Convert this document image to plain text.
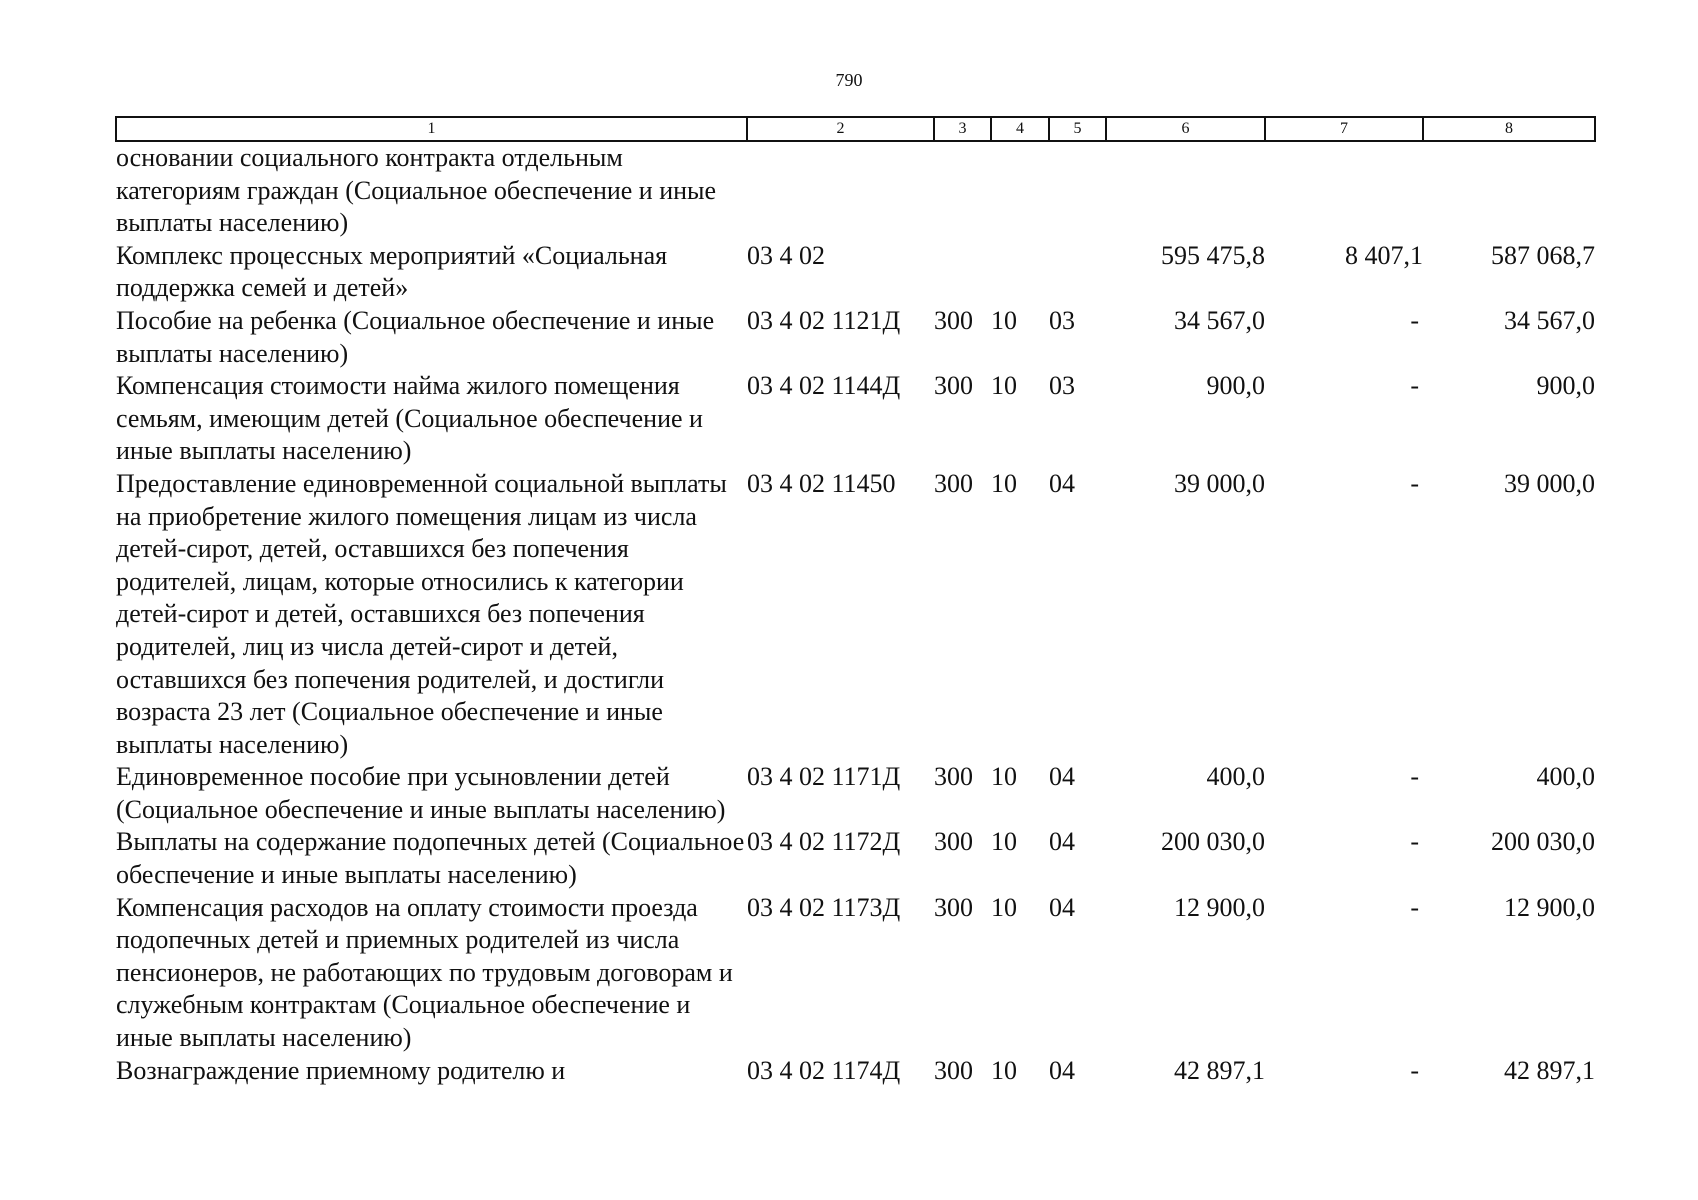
790
1	2	3	4	5	6	7	8
основании социального контракта отдельным категориям граждан (Социальное обеспечение и иные выплаты населению)							
Комплекс процессных мероприятий «Социальная поддержка семей и детей»	03 4 02				595 475,8	8 407,1	587 068,7
Пособие на ребенка (Социальное обеспечение и иные выплаты населению)	03 4 02 1121Д	300	10	03	34 567,0	-	34 567,0
Компенсация стоимости найма жилого помещения семьям, имеющим детей (Социальное обеспечение и иные выплаты населению)	03 4 02 1144Д	300	10	03	900,0	-	900,0
Предоставление единовременной социальной выплаты на приобретение жилого помещения лицам из числа детей-сирот, детей, оставшихся без попечения родителей, лицам, которые относились к категории детей-сирот и детей, оставшихся без попечения родителей, лиц из числа детей-сирот и детей, оставшихся без попечения родителей, и достигли возраста 23 лет (Социальное обеспечение и иные выплаты населению)	03 4 02 11450	300	10	04	39 000,0	-	39 000,0
Единовременное пособие при усыновлении детей (Социальное обеспечение и иные выплаты населению)	03 4 02 1171Д	300	10	04	400,0	-	400,0
Выплаты на содержание подопечных детей (Социальное обеспечение и иные выплаты населению)	03 4 02 1172Д	300	10	04	200 030,0	-	200 030,0
Компенсация расходов на оплату стоимости проезда подопечных детей и приемных родителей из числа пенсионеров, не работающих по трудовым договорам и служебным контрактам (Социальное обеспечение и иные выплаты населению)	03 4 02 1173Д	300	10	04	12 900,0	-	12 900,0
Вознаграждение приемному родителю и	03 4 02 1174Д	300	10	04	42 897,1	-	42 897,1
